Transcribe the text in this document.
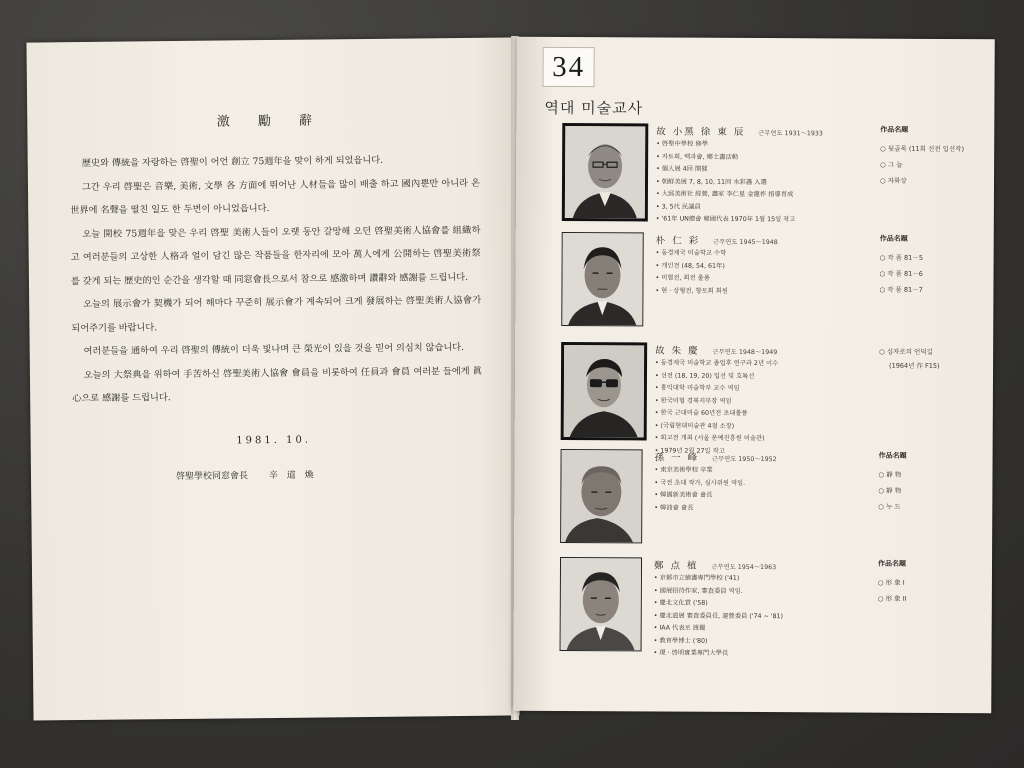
激 勵 辭

歷史와 傳統을 자랑하는 啓聖이 어언 創立 75週年을 맞이 하게 되었읍니다.

그간 우리 啓聖은 音樂, 美術, 文學 各 方面에 뛰어난 人材들을 많이 배출 하고 國內뿐만 아니라 온 世界에 名聲을 떨친 일도 한 두번이 아니었읍니다.

오늘 開校 75週年을 맞은 우리 啓聖 美術人들이 오랫 동안 갈망해 오던 啓聖美術人協會를 組織하고 여러분들의 고상한 人格과 얼이 담긴 많은 작품들을 한자리에 모아 萬人에게 公開하는 啓聖美術祭를 갖게 되는 歷史的인 순간을 생각할 때 同窓會長으로서 참으로 感激하며 讚辭와 感謝를 드립니다.

오늘의 展示會가 契機가 되어 해마다 꾸준히 展示會가 계속되어 크게 發展하는 啓聖美術人協會가 되어주기를 바랍니다.

여러분들을 通하여 우리 啓聖의 傳統이 더욱 빛나며 큰 榮光이 있을 것을 믿어 의심치 않습니다.

오늘의 大祭典을 위하여 手苦하신 啓聖美術人協會 會員을 비롯하여 任員과 會員 여러분 들에게 眞心으로 感謝를 드립니다.

1981. 10.
啓聖學校同窓會長 辛 道 煥
34
역대 미술교사
故 小黑 徐 東 辰 근무연도 1931～1933
• 啓聖中學校 修學
• 자토회, 백과會, 鄕土畵活動
• 個人展 4回 開催
• 朝鮮美展 7, 8, 10, 11回 水彩畵 入選
• 大邱美術社 經營, 畵家 李仁星 金龍祚 指導育成
• 3, 5代 民議員
• '61年 UN總會 韓國代表 1970年 1월 15일 작고
作品名題
○ 뒷골목 (11회 선전 입선작)
○ 그 늘
○ 자화상
朴 仁 彩 근무연도 1945～1948
• 동경제국 미술학교 수학
• 개인전 (48, 54, 61年)
• 미협전, 회전 출품
• 현 · 상형전, 향토회 회원
作品名題
○ 작 품 81－5
○ 작 품 81－6
○ 작 품 81－7
故 朱 慶 근무연도 1948～1949
• 동경제국 미술학교 졸업후 연구과 2년 이수
• 선전 (18, 19, 20) 입선 및 호특선
• 홍익대학 미술학부 교수 역임
• 한국미협 경북지부장 역임
• 한국 근대미술 60년전 초대출품
• (국립현대미술관 4점 소장)
• 회고전 개최 (서울 문예진흥원 미술관)
• 1979년 2월 27일 작고
○ 십자로의 언덕길
(1964년 作 F15)
孫 一 峰 근무연도 1950～1952
• 東京美術學校 卒業
• 국전 초대 작가, 심사위원 역임.
• 韓國新美術會 會長
• 韓油會 會長
作品名題
○ 靜 物
○ 靜 物
○ 누 드
鄭 点 植 근무연도 1954～1963
• 京都市立繪畵專門學校 ('41)
• 國展招待作家, 審査委員 역임.
• 慶北文化賞 ('58)
• 慶北道展 審査委員長, 運營委員 ('74 ~ '81)
• IAA 代表로 渡獨
• 教育學博士 ('80)
• 現 · 啓明實業專門大學長
作品名題
○ 形 象 I
○ 形 象 II
